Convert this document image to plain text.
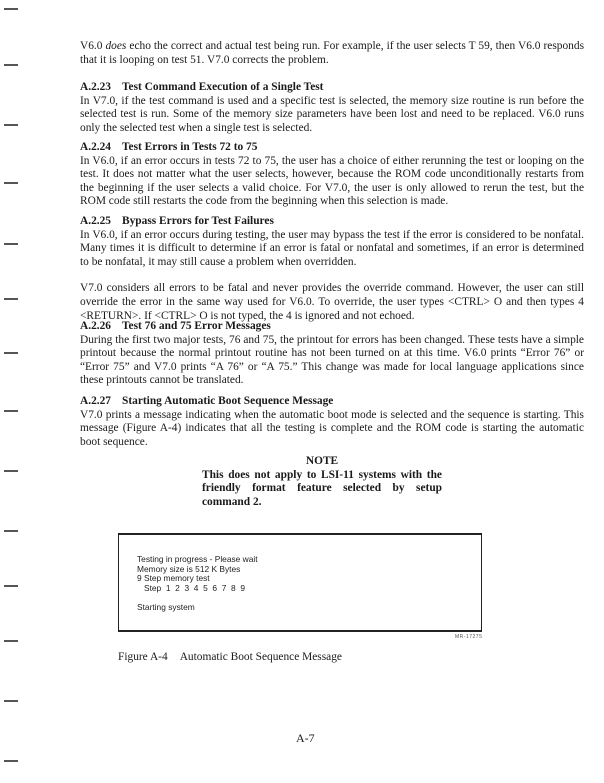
V6.0 does echo the correct and actual test being run. For example, if the user selects T 59, then V6.0 responds that it is looping on test 51. V7.0 corrects the problem.

A.2.23 Test Command Execution of a Single Test

In V7.0, if the test command is used and a specific test is selected, the memory size routine is run before the selected test is run. Some of the memory size parameters have been lost and need to be replaced. V6.0 runs only the selected test when a single test is selected.

A.2.24 Test Errors in Tests 72 to 75

In V6.0, if an error occurs in tests 72 to 75, the user has a choice of either rerunning the test or looping on the test. It does not matter what the user selects, however, because the ROM code unconditionally restarts from the beginning if the user selects a valid choice. For V7.0, the user is only allowed to rerun the test, but the ROM code still restarts the code from the beginning when this selection is made.

A.2.25 Bypass Errors for Test Failures

In V6.0, if an error occurs during testing, the user may bypass the test if the error is considered to be nonfatal. Many times it is difficult to determine if an error is fatal or nonfatal and sometimes, if an error is determined to be nonfatal, it may still cause a problem when overridden.

V7.0 considers all errors to be fatal and never provides the override command. However, the user can still override the error in the same way used for V6.0. To override, the user types <CTRL> O and then types 4 <RETURN>. If <CTRL> O is not typed, the 4 is ignored and not echoed.

A.2.26 Test 76 and 75 Error Messages

During the first two major tests, 76 and 75, the printout for errors has been changed. These tests have a simple printout because the normal printout routine has not been turned on at this time. V6.0 prints “Error 76” or “Error 75” and V7.0 prints “A 76” or “A 75.” This change was made for local language applications since these printouts cannot be translated.

A.2.27 Starting Automatic Boot Sequence Message

V7.0 prints a message indicating when the automatic boot mode is selected and the sequence is starting. This message (Figure A-4) indicates that all the testing is complete and the ROM code is starting the automatic boot sequence.

NOTE

This does not apply to LSI-11 systems with the friendly format feature selected by setup command 2.

Testing in progress - Please wait
Memory size is 512 K Bytes
9 Step memory test
Step  1  2  3  4  5  6  7  8  9

Starting system
MR-17275
Figure A-4 Automatic Boot Sequence Message
A-7
